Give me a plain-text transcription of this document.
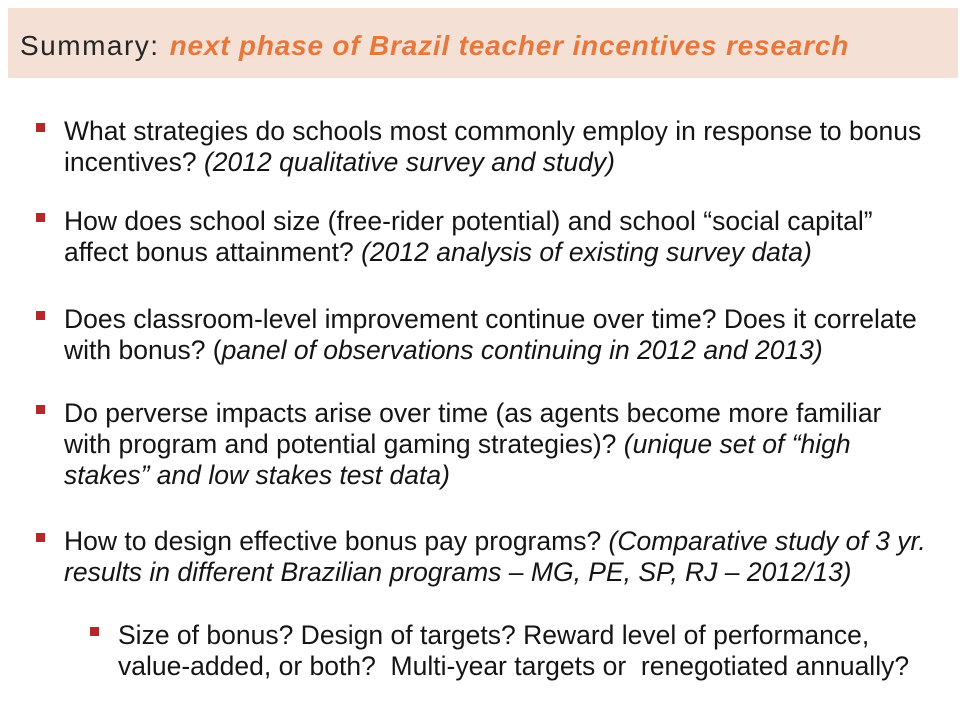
Summary: next phase of Brazil teacher incentives research
What strategies do schools most commonly employ in response to bonus
incentives? (2012 qualitative survey and study)
How does school size (free-rider potential) and school “social capital”
affect bonus attainment? (2012 analysis of existing survey data)
Does classroom-level improvement continue over time? Does it correlate
with bonus? (panel of observations continuing in 2012 and 2013)
Do perverse impacts arise over time (as agents become more familiar
with program and potential gaming strategies)? (unique set of “high
stakes” and low stakes test data)
How to design effective bonus pay programs? (Comparative study of 3 yr.
results in different Brazilian programs – MG, PE, SP, RJ – 2012/13)
Size of bonus? Design of targets? Reward level of performance,
value-added, or both?  Multi-year targets or  renegotiated annually?
